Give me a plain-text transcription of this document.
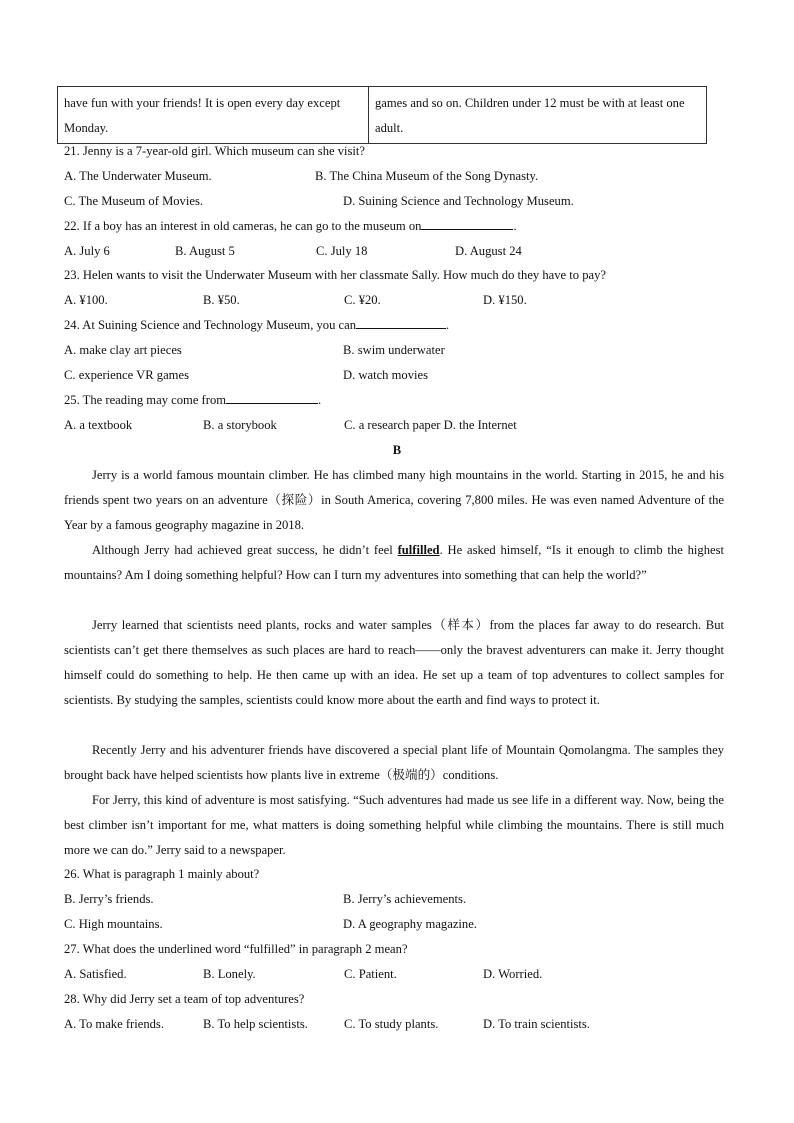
have fun with your friends! It is open every day except Monday.	games and so on. Children under 12 must be with at least one adult.
21. Jenny is a 7-year-old girl. Which museum can she visit?
A. The Underwater Museum.	B. The China Museum of the Song Dynasty.
C. The Museum of Movies.	D. Suining Science and Technology Museum.
22. If a boy has an interest in old cameras, he can go to the museum on	.
A. July 6	B. August 5	C. July 18	D. August 24
23. Helen wants to visit the Underwater Museum with her classmate Sally. How much do they have to pay?
A. ¥100.	B. ¥50.	C. ¥20.	D. ¥150.
24. At Suining Science and Technology Museum, you can	.
A. make clay art pieces	B. swim underwater
C. experience VR games	D. watch movies
25. The reading may come from	.
A. a textbook	B. a storybook	C. a research paper D. the Internet
B
Jerry is a world famous mountain climber. He has climbed many high mountains in the world. Starting in 2015, he and his friends spent two years on an adventure（探险）in South America, covering 7,800 miles. He was even named Adventure of the Year by a famous geography magazine in 2018.
Although Jerry had achieved great success, he didn’t feel fulfilled. He asked himself, “Is it enough to climb the highest mountains? Am I doing something helpful? How can I turn my adventures into something that can help the world?”
Jerry learned that scientists need plants, rocks and water samples（样本）from the places far away to do research. But scientists can’t get there themselves as such places are hard to reach——only the bravest adventurers can make it. Jerry thought himself could do something to help. He then came up with an idea. He set up a team of top adventures to collect samples for scientists. By studying the samples, scientists could know more about the earth and find ways to protect it.
Recently Jerry and his adventurer friends have discovered a special plant life of Mountain Qomolangma. The samples they brought back have helped scientists how plants live in extreme（极端的）conditions.
For Jerry, this kind of adventure is most satisfying. “Such adventures had made us see life in a different way. Now, being the best climber isn’t important for me, what matters is doing something helpful while climbing the mountains. There is still much more we can do.” Jerry said to a newspaper.
26. What is paragraph 1 mainly about?
B. Jerry’s friends.	B. Jerry’s achievements.
C. High mountains.	D. A geography magazine.
27. What does the underlined word “fulfilled” in paragraph 2 mean?
A. Satisfied.	B. Lonely.	C. Patient.	D. Worried.
28. Why did Jerry set a team of top adventures?
A. To make friends.	B. To help scientists.	C. To study plants.	D. To train scientists.
